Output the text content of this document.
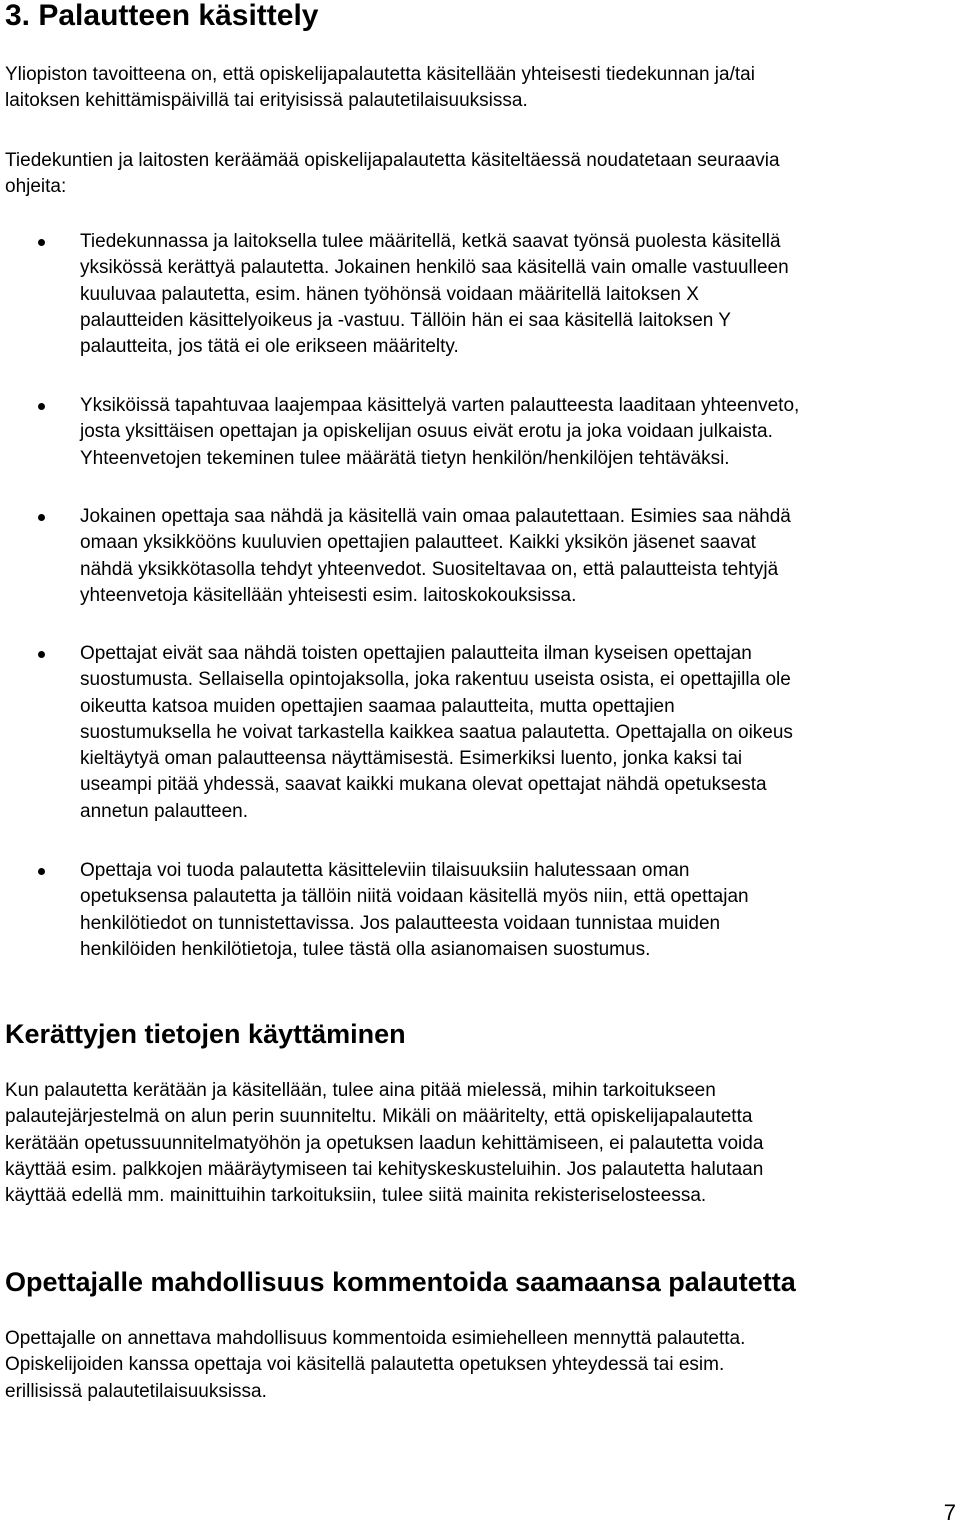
3. Palautteen käsittely

Yliopiston tavoitteena on, että opiskelijapalautetta käsitellään yhteisesti tiedekunnan ja/tai
laitoksen kehittämispäivillä tai erityisissä palautetilaisuuksissa.

Tiedekuntien ja laitosten keräämää opiskelijapalautetta käsiteltäessä noudatetaan seuraavia
ohjeita:

Tiedekunnassa ja laitoksella tulee määritellä, ketkä saavat työnsä puolesta käsitellä
yksikössä kerättyä palautetta. Jokainen henkilö saa käsitellä vain omalle vastuulleen
kuuluvaa palautetta, esim. hänen työhönsä voidaan määritellä laitoksen X
palautteiden käsittelyoikeus ja -vastuu. Tällöin hän ei saa käsitellä laitoksen Y
palautteita, jos tätä ei ole erikseen määritelty.

Yksiköissä tapahtuvaa laajempaa käsittelyä varten palautteesta laaditaan yhteenveto,
josta yksittäisen opettajan ja opiskelijan osuus eivät erotu ja joka voidaan julkaista.
Yhteenvetojen tekeminen tulee määrätä tietyn henkilön/henkilöjen tehtäväksi.

Jokainen opettaja saa nähdä ja käsitellä vain omaa palautettaan. Esimies saa nähdä
omaan yksikkööns kuuluvien opettajien palautteet. Kaikki yksikön jäsenet saavat
nähdä yksikkötasolla tehdyt yhteenvedot. Suositeltavaa on, että palautteista tehtyjä
yhteenvetoja käsitellään yhteisesti esim. laitoskokouksissa.

Opettajat eivät saa nähdä toisten opettajien palautteita ilman kyseisen opettajan
suostumusta. Sellaisella opintojaksolla, joka rakentuu useista osista, ei opettajilla ole
oikeutta katsoa muiden opettajien saamaa palautteita, mutta opettajien
suostumuksella he voivat tarkastella kaikkea saatua palautetta. Opettajalla on oikeus
kieltäytyä oman palautteensa näyttämisestä. Esimerkiksi luento, jonka kaksi tai
useampi pitää yhdessä, saavat kaikki mukana olevat opettajat nähdä opetuksesta
annetun palautteen.

Opettaja voi tuoda palautetta käsitteleviin tilaisuuksiin halutessaan oman
opetuksensa palautetta ja tällöin niitä voidaan käsitellä myös niin, että opettajan
henkilötiedot on tunnistettavissa. Jos palautteesta voidaan tunnistaa muiden
henkilöiden henkilötietoja, tulee tästä olla asianomaisen suostumus.

Kerättyjen tietojen käyttäminen

Kun palautetta kerätään ja käsitellään, tulee aina pitää mielessä, mihin tarkoitukseen
palautejärjestelmä on alun perin suunniteltu. Mikäli on määritelty, että opiskelijapalautetta
kerätään opetussuunnitelmatyöhön ja opetuksen laadun kehittämiseen, ei palautetta voida
käyttää esim. palkkojen määräytymiseen tai kehityskeskusteluihin. Jos palautetta halutaan
käyttää edellä mm. mainittuihin tarkoituksiin, tulee siitä mainita rekisteriselosteessa.

Opettajalle mahdollisuus kommentoida saamaansa palautetta

Opettajalle on annettava mahdollisuus kommentoida esimiehelleen mennyttä palautetta.
Opiskelijoiden kanssa opettaja voi käsitellä palautetta opetuksen yhteydessä tai esim.
erillisissä palautetilaisuuksissa.

7
